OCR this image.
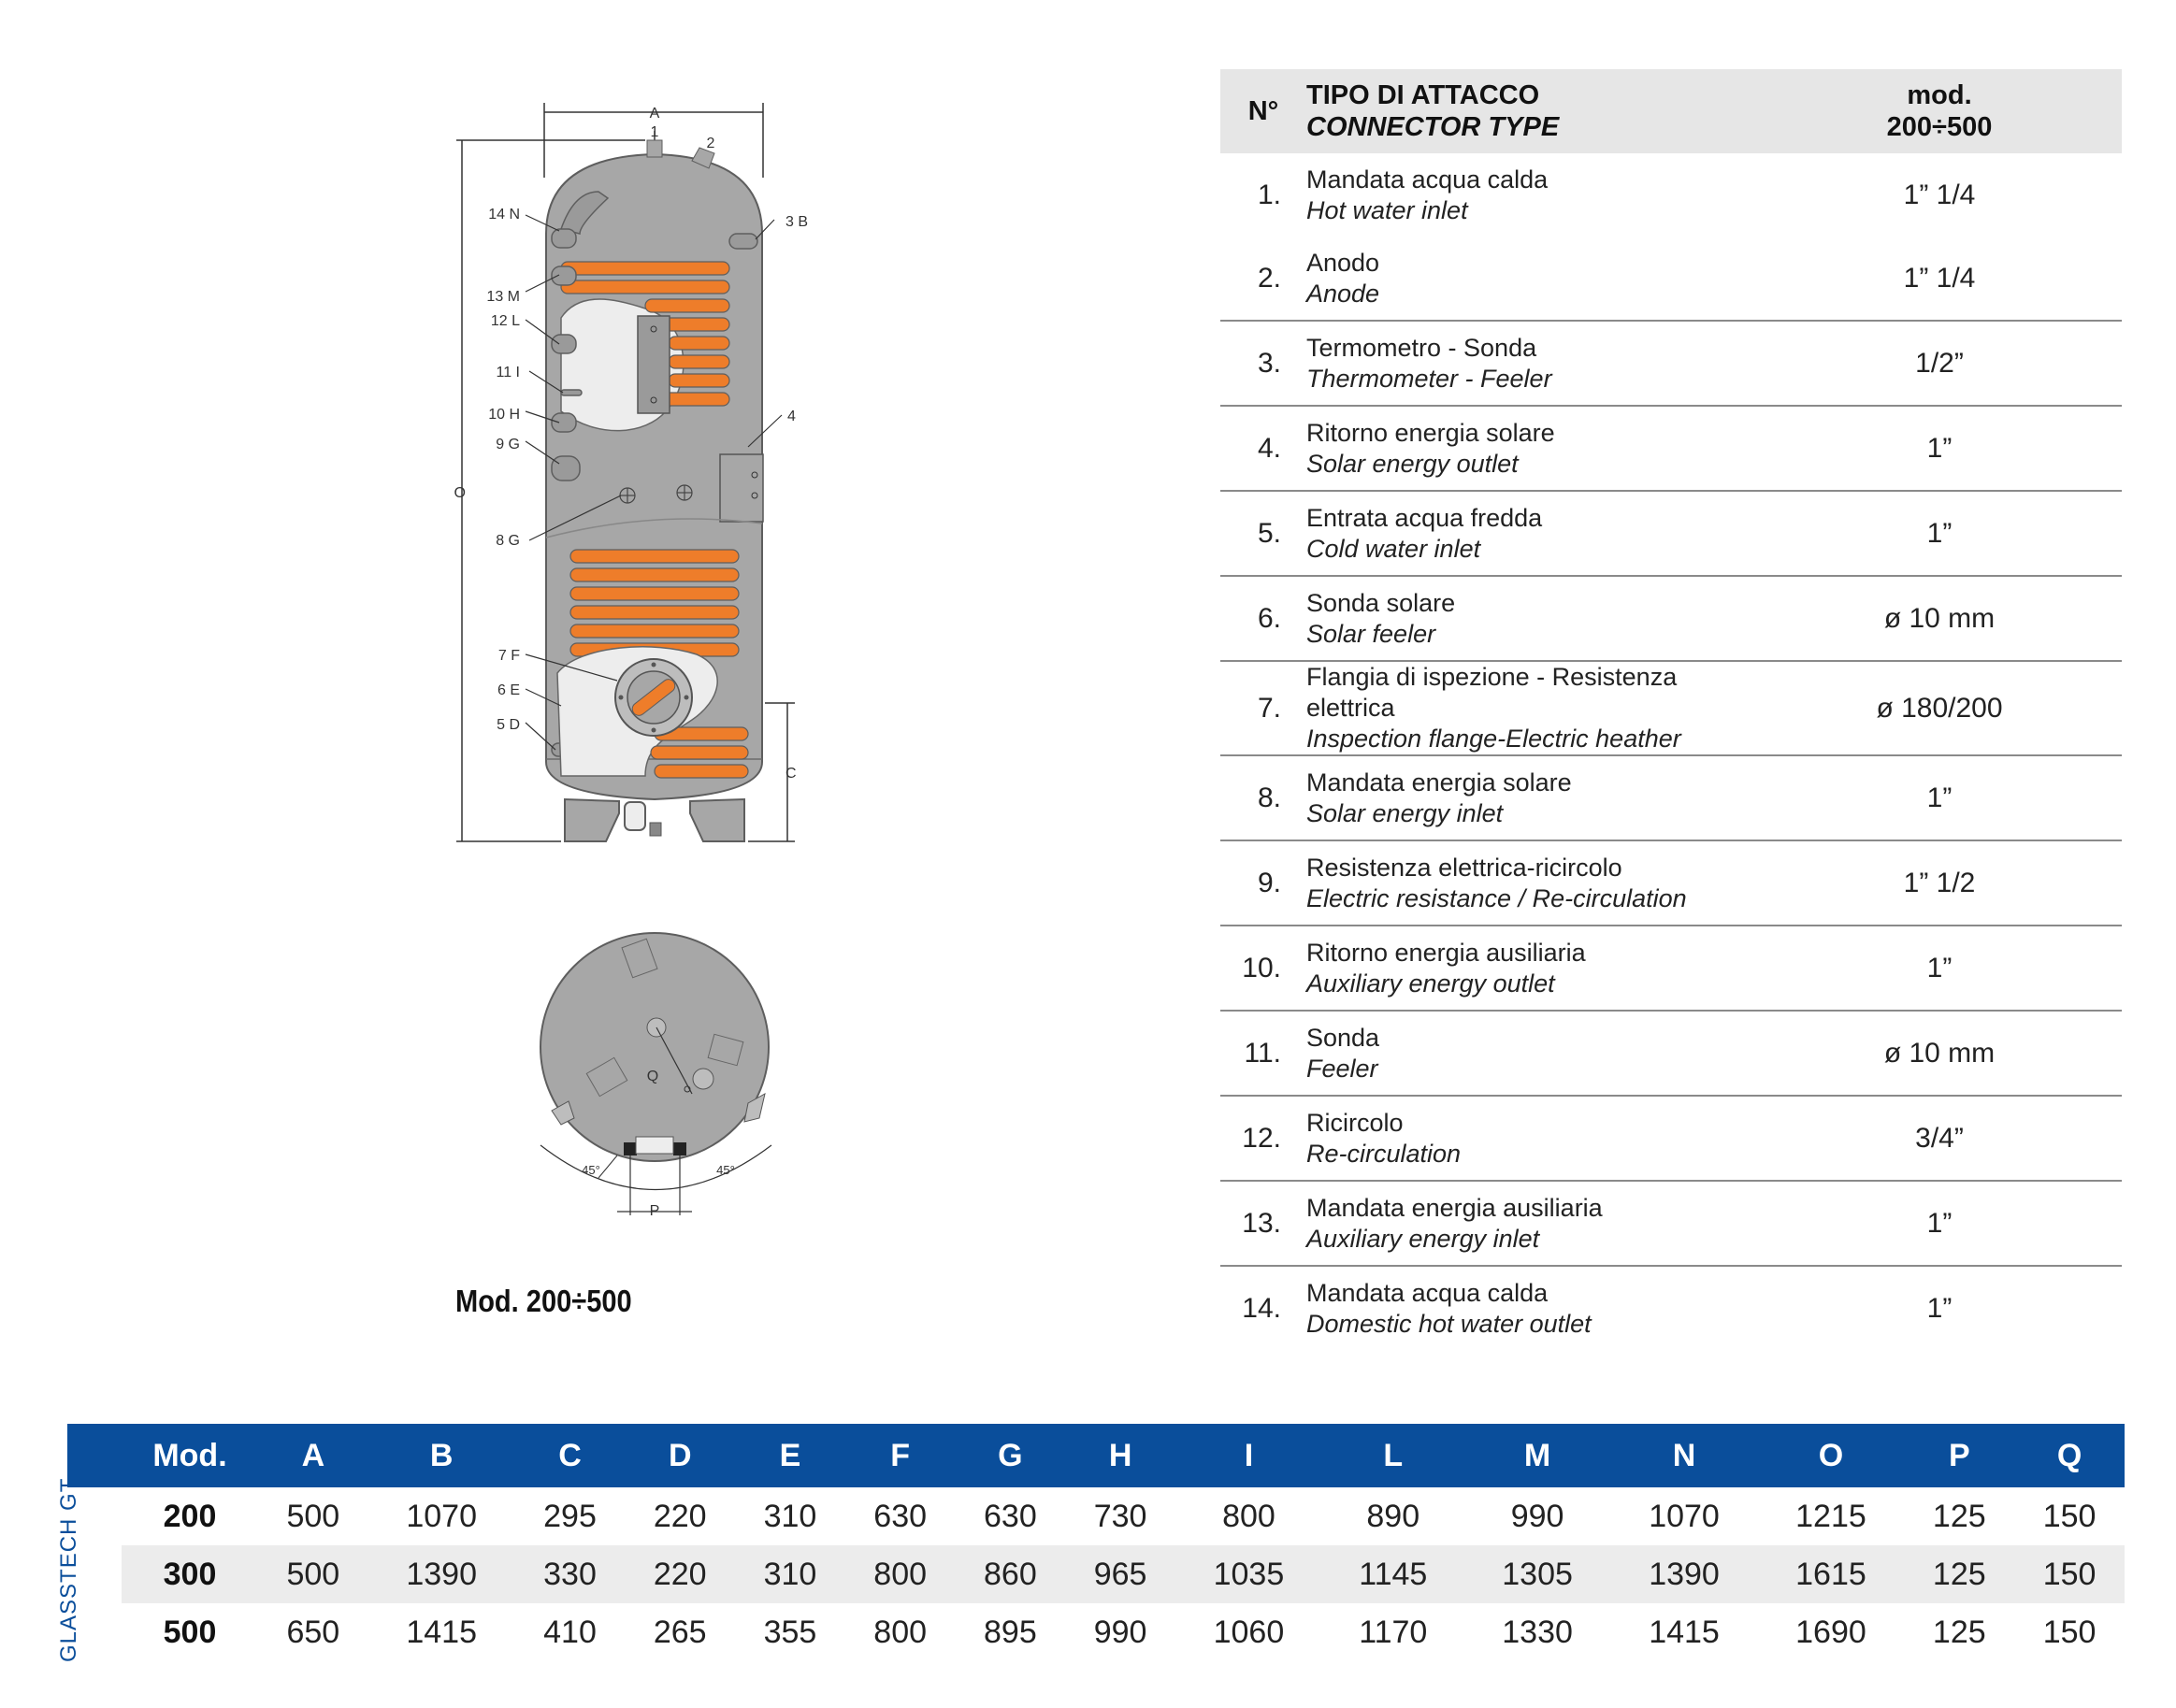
A
1
2
3 B
14 N
13 M
12 L
11 I
10 H
9 G
4
O
8 G
7 F
6 E
5 D
C
Q
P
45°	45°
Mod. 200÷500
N°	TIPO DI ATTACCO
CONNECTOR TYPE	mod.
200÷500
1.	Mandata acqua calda
Hot water inlet	1” 1/4
2.	Anodo
Anode	1” 1/4
3.	Termometro - Sonda
Thermometer - Feeler	1/2”
4.	Ritorno energia solare
Solar energy outlet	1”
5.	Entrata acqua fredda
Cold water inlet	1”
6.	Sonda solare
Solar feeler	ø 10 mm
7.	Flangia di ispezione - Resistenza elettrica
Inspection flange-Electric heather	ø 180/200
8.	Mandata energia solare
Solar energy inlet	1”
9.	Resistenza elettrica-ricircolo
Electric resistance / Re-circulation	1” 1/2
10.	Ritorno energia ausiliaria
Auxiliary energy outlet	1”
11.	Sonda
Feeler	ø 10 mm
12.	Ricircolo
Re-circulation	3/4”
13.	Mandata energia ausiliaria
Auxiliary energy inlet	1”
14.	Mandata acqua calda
Domestic hot water outlet	1”
	Mod.	A	B	C	D	E	F	G	H	I	L	M	N	O	P	Q
	200	500	1070	295	220	310	630	630	730	800	890	990	1070	1215	125	150
	300	500	1390	330	220	310	800	860	965	1035	1145	1305	1390	1615	125	150
	500	650	1415	410	265	355	800	895	990	1060	1170	1330	1415	1690	125	150
GLASSTECH GT
